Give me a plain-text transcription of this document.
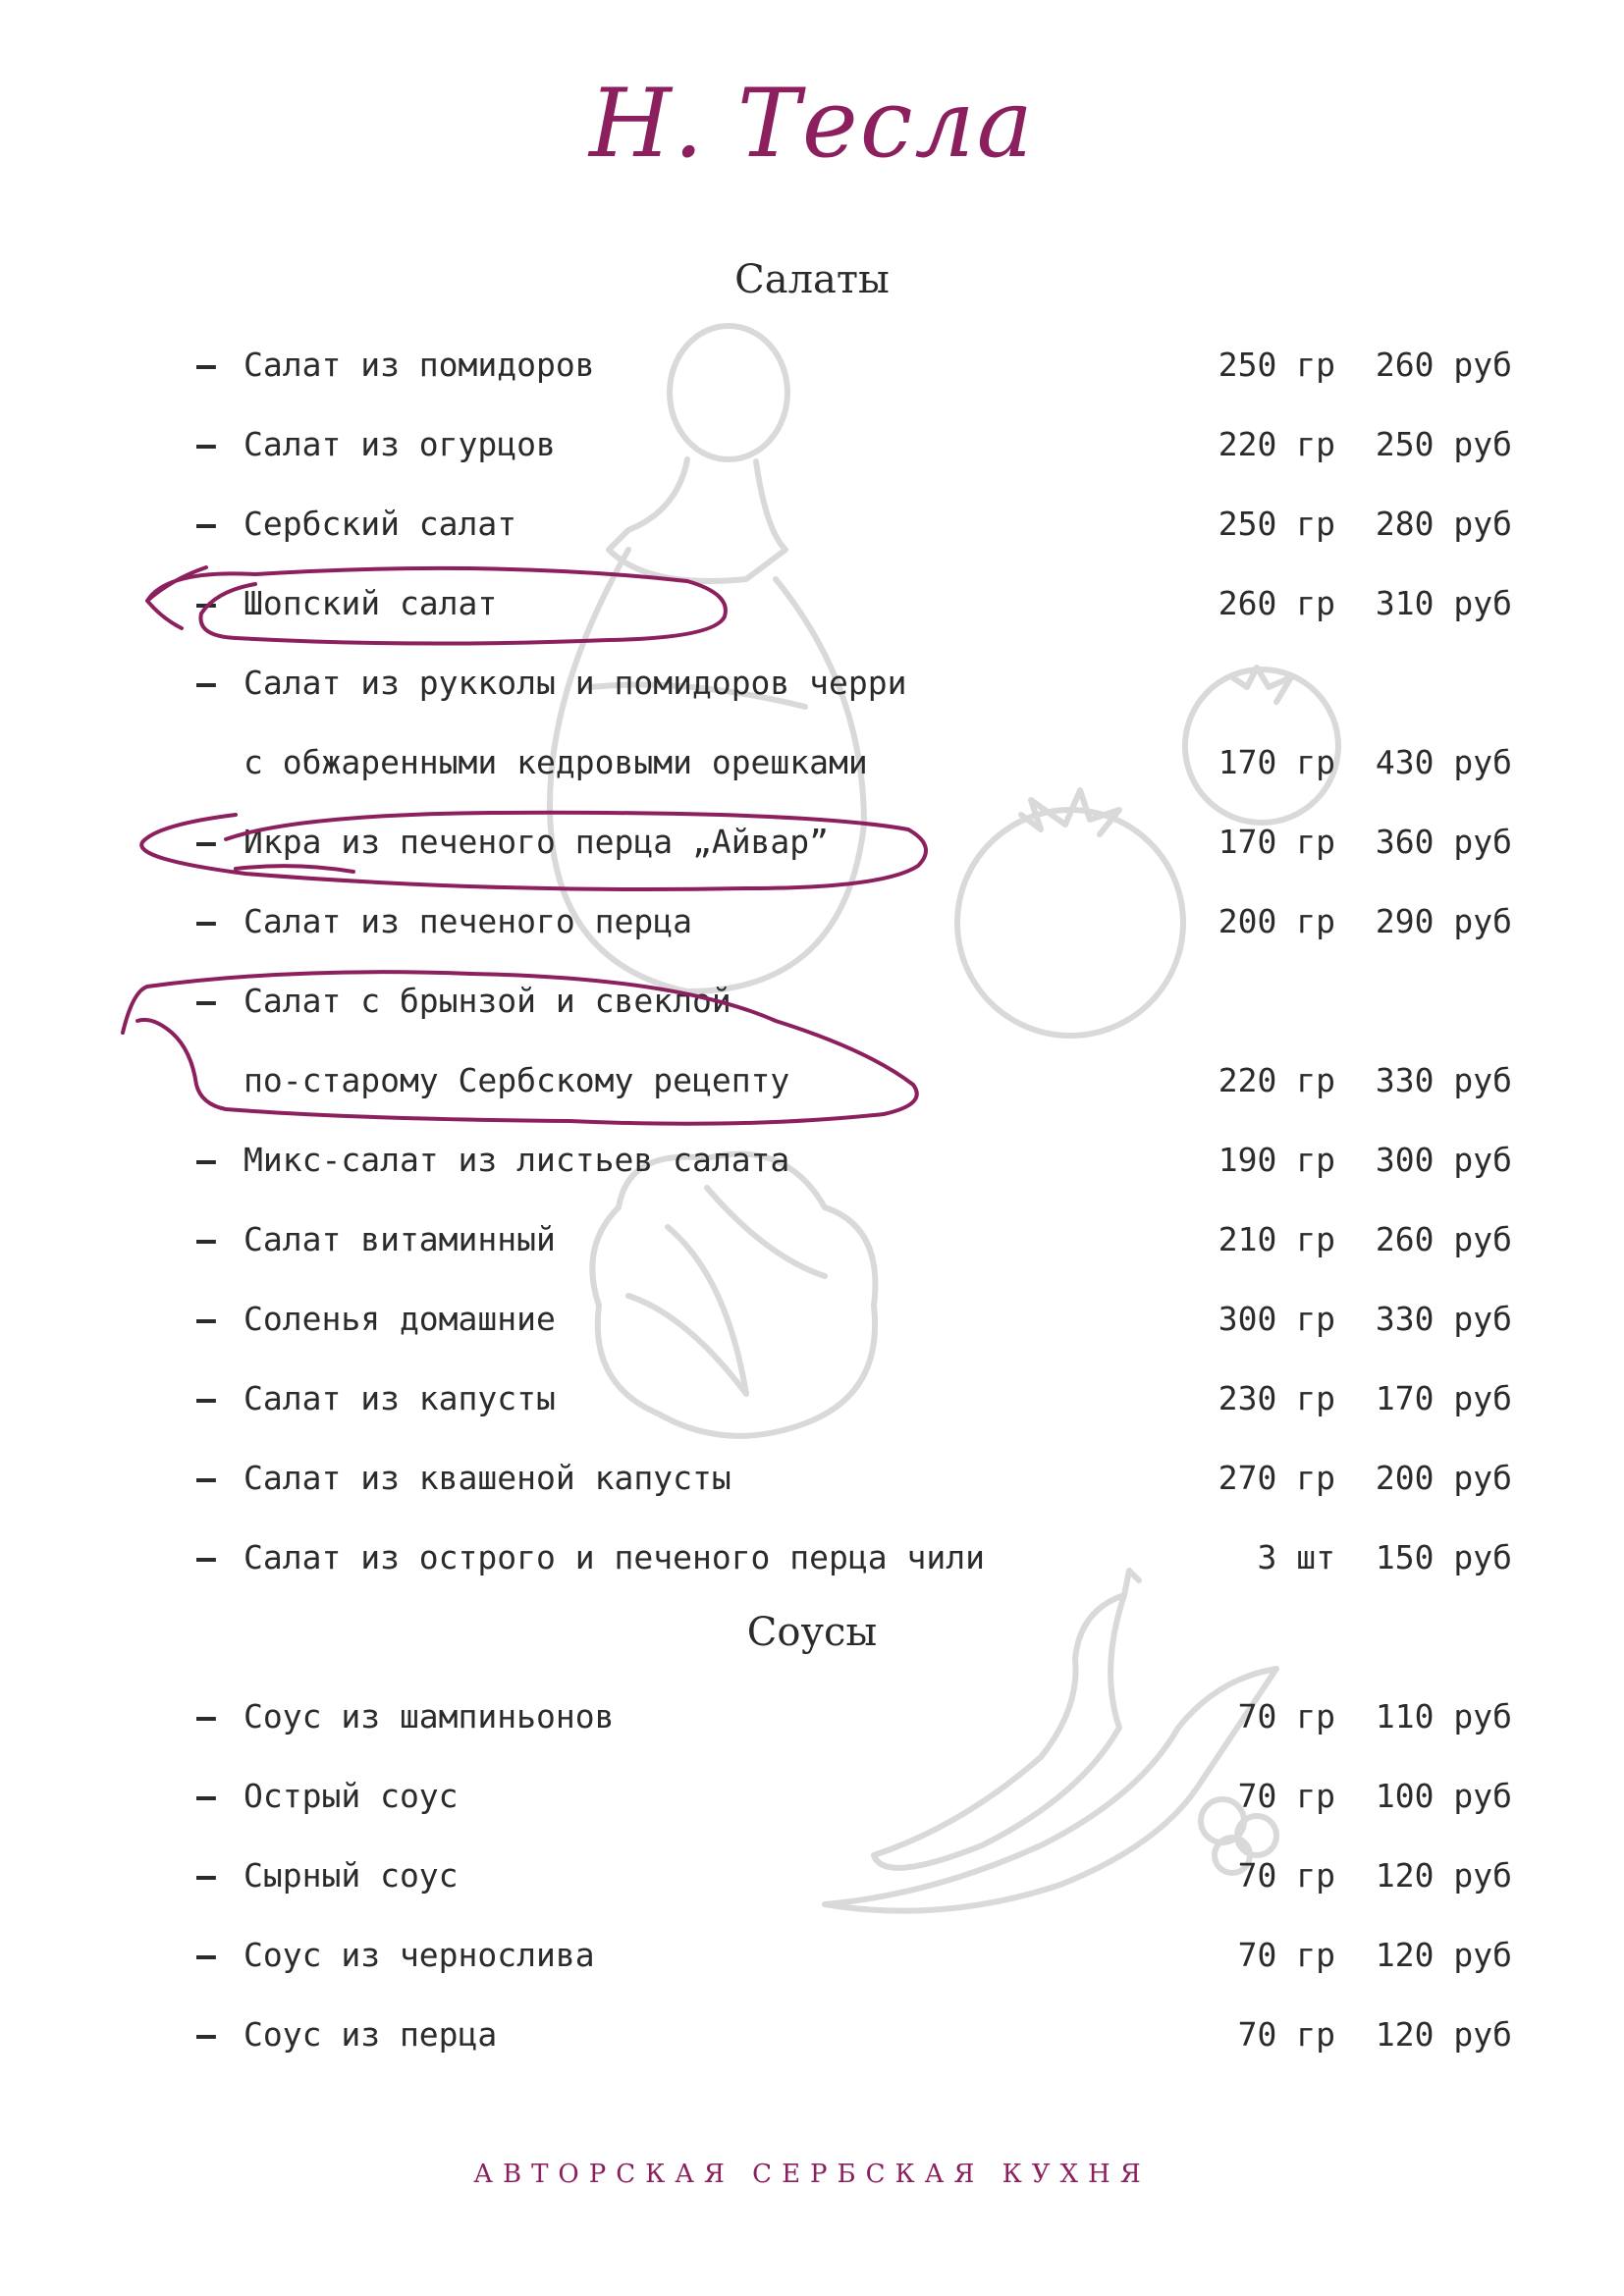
Н. Тесла
Салаты
– Салат из помидоров	250 гр 260 руб
– Салат из огурцов	220 гр 250 руб
– Сербский салат	250 гр 280 руб
– Шопский салат	260 гр 310 руб
– Салат из рукколы и помидоров черри
с обжаренными кедровыми орешками	170 гр 430 руб
– Икра из печеного перца „Айвар”	170 гр 360 руб
– Салат из печеного перца	200 гр 290 руб
– Салат с брынзой и свеклой
по-старому Сербскому рецепту	220 гр 330 руб
– Микс-салат из листьев салата	190 гр 300 руб
– Салат витаминный	210 гр 260 руб
– Соленья домашние	300 гр 330 руб
– Салат из капусты	230 гр 170 руб
– Салат из квашеной капусты	270 гр 200 руб
– Салат из острого и печеного перца чили	3 шт 150 руб
Соусы
– Соус из шампиньонов	70 гр 110 руб
– Острый соус	70 гр 100 руб
– Сырный соус	70 гр 120 руб
– Соус из чернослива	70 гр 120 руб
– Соус из перца	70 гр 120 руб
АВТОРСКАЯ СЕРБСКАЯ КУХНЯ
